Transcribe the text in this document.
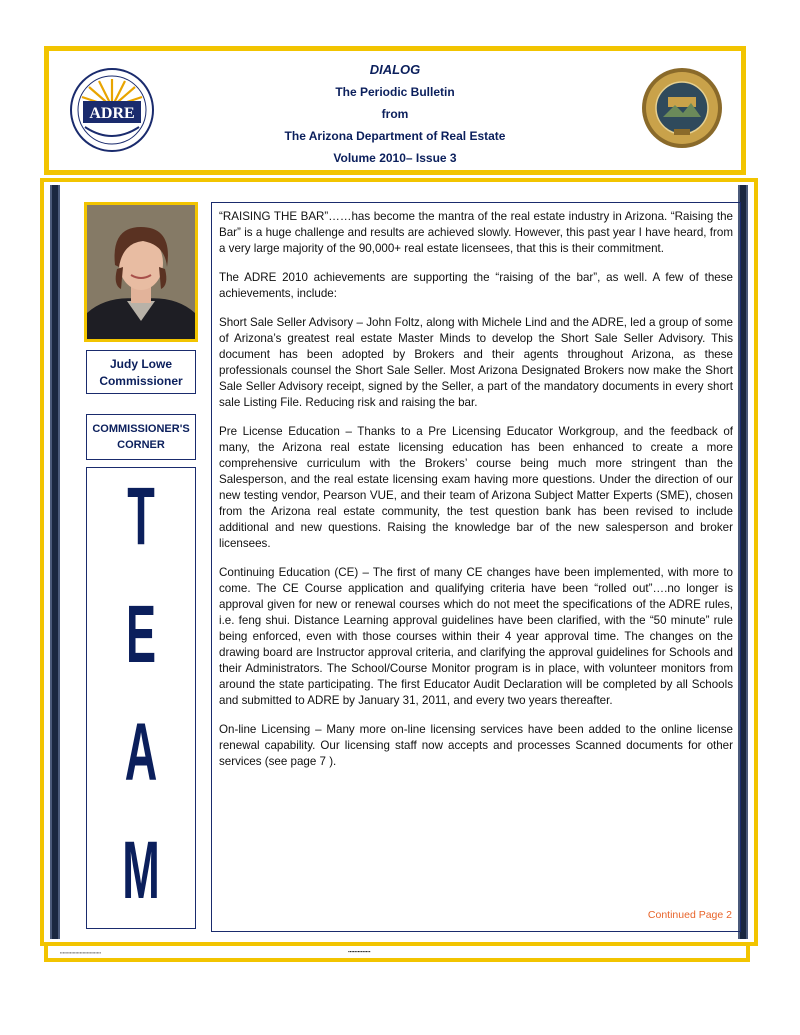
ADRE
DIALOG
The Periodic Bulletin
from
The Arizona Department of Real Estate
Volume 2010– Issue 3
Judy Lowe
Commissioner
COMMISSIONER'S
CORNER
T
E
A
M

“RAISING THE BAR”……has become the mantra of the real estate industry in Arizona. “Raising the Bar” is a huge challenge and results are achieved slowly. However, this past year I have heard, from a very large majority of the 90,000+ real estate licensees, that this is their commitment.

The ADRE 2010 achievements are supporting the “raising of the bar”, as well. A few of these achievements, include:

Short Sale Seller Advisory – John Foltz, along with Michele Lind and the ADRE, led a group of some of Arizona’s greatest real estate Master Minds to develop the Short Sale Seller Advisory. This document has been adopted by Brokers and their agents throughout Arizona, as these professionals counsel the Short Sale Seller. Most Arizona Designated Brokers now make the Short Sale Seller Advisory receipt, signed by the Seller, a part of the mandatory documents in every short sale Listing File. Reducing risk and raising the bar.

Pre License Education – Thanks to a Pre Licensing Educator Workgroup, and the feedback of many, the Arizona real estate licensing education has been enhanced to create a more comprehensive curriculum with the Brokers’ course being much more stringent than the Salesperson, and the real estate licensing exam having more questions. Under the direction of our new testing vendor, Pearson VUE, and their team of Arizona Subject Matter Experts (SME), chosen from the Arizona real estate community, the test question bank has been revised to include additional and new questions. Raising the knowledge bar of the new salesperson and broker licensees.

Continuing Education (CE) – The first of many CE changes have been implemented, with more to come. The CE Course application and qualifying criteria have been “rolled out”….no longer is approval given for new or renewal courses which do not meet the specifications of the ADRE rules, i.e. feng shui. Distance Learning approval guidelines have been clarified, with the “50 minute” rule being enforced, even with those courses within their 4 year approval time. The changes on the drawing board are Instructor approval criteria, and clarifying the approval guidelines for Schools and their Administrators. The School/Course Monitor program is in place, with volunteer monitors from around the state participating. The first Educator Audit Declaration will be completed by all Schools and submitted to ADRE by January 31, 2011, and every two years thereafter.

On-line Licensing – Many more on-line licensing services have been added to the online license renewal capability. Our licensing staff now accepts and processes Scanned documents for other services (see page 7 ).

Continued Page 2
▪▪▪▪▪▪▪▪▪▪▪▪▪▪▪▪▪▪▪▪▪▪▪▪▪▪▪▪▪	▪▪▪▪▪▪▪▪▪▪▪▪▪▪
